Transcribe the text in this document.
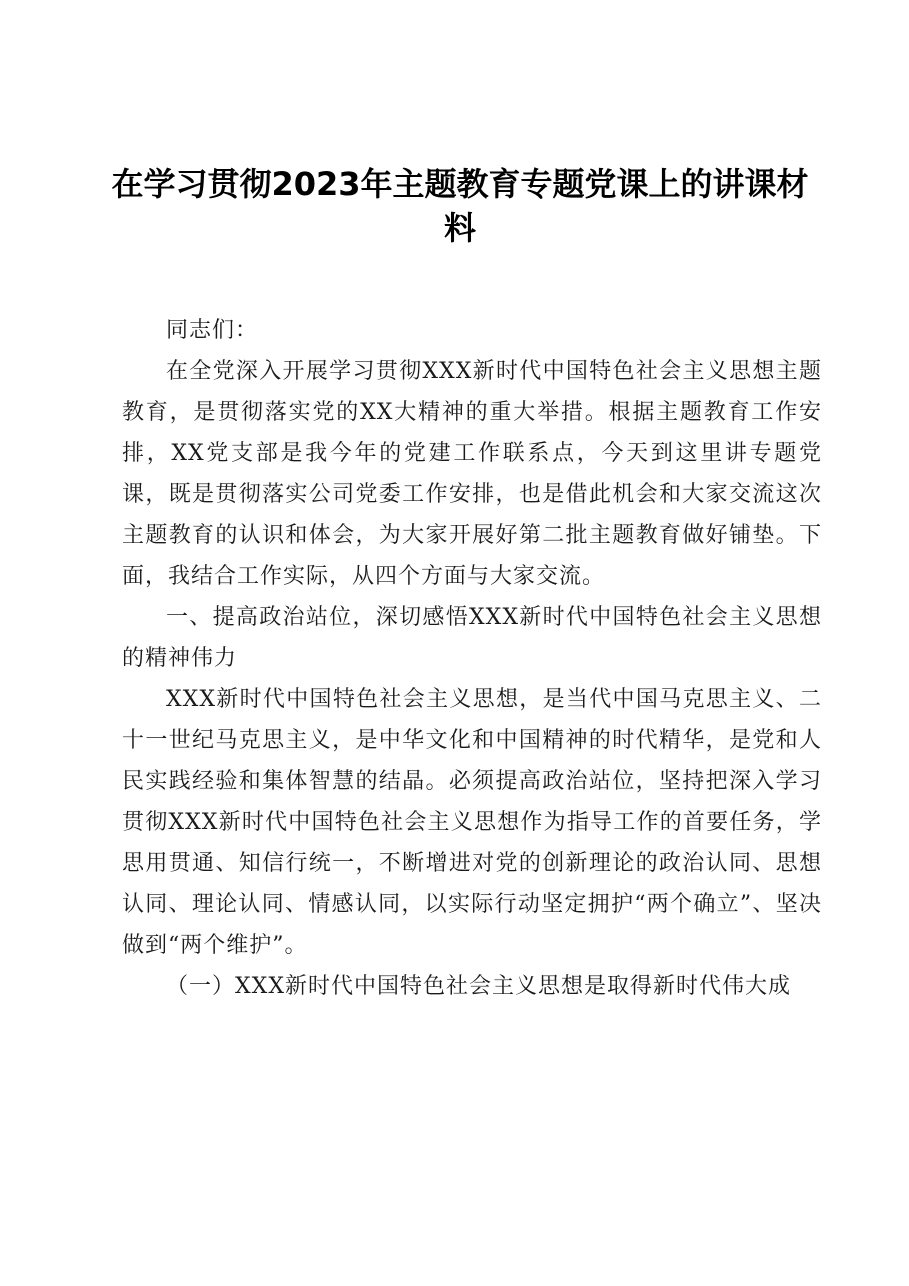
在学习贯彻2023年主题教育专题党课上的讲课材料

同志们：

在全党深入开展学习贯彻XXX新时代中国特色社会主义思想主题教育，是贯彻落实党的XX大精神的重大举措。根据主题教育工作安排，XX党支部是我今年的党建工作联系点，今天到这里讲专题党课，既是贯彻落实公司党委工作安排，也是借此机会和大家交流这次主题教育的认识和体会，为大家开展好第二批主题教育做好铺垫。下面，我结合工作实际，从四个方面与大家交流。

一、提高政治站位，深切感悟XXX新时代中国特色社会主义思想的精神伟力

XXX新时代中国特色社会主义思想，是当代中国马克思主义、二十一世纪马克思主义，是中华文化和中国精神的时代精华，是党和人民实践经验和集体智慧的结晶。必须提高政治站位，坚持把深入学习贯彻XXX新时代中国特色社会主义思想作为指导工作的首要任务，学思用贯通、知信行统一，不断增进对党的创新理论的政治认同、思想认同、理论认同、情感认同，以实际行动坚定拥护“两个确立”、坚决做到“两个维护”。

（一）XXX新时代中国特色社会主义思想是取得新时代伟大成
